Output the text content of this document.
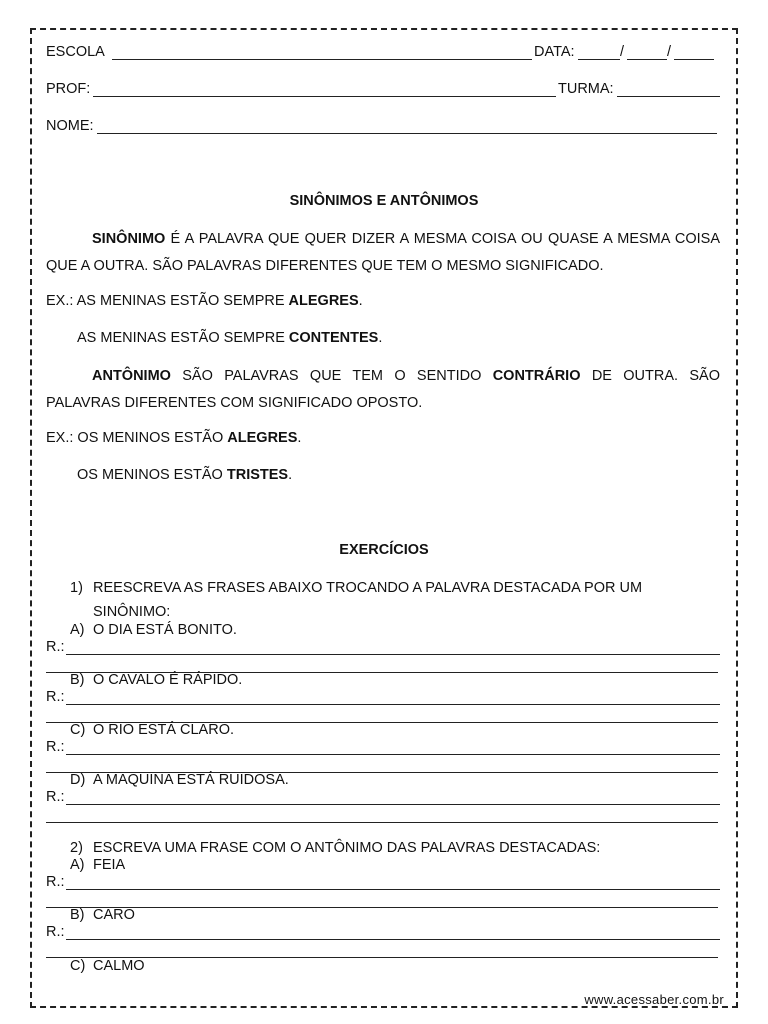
ESCOLA	DATA:	/	/
PROF:	TURMA:
NOME:
SINÔNIMOS E ANTÔNIMOS
SINÔNIMO É A PALAVRA QUE QUER DIZER A MESMA COISA OU QUASE A MESMA COISA QUE A OUTRA. SÃO PALAVRAS DIFERENTES QUE TEM O MESMO SIGNIFICADO.
EX.: AS MENINAS ESTÃO SEMPRE ALEGRES.
AS MENINAS ESTÃO SEMPRE CONTENTES.
ANTÔNIMO SÃO PALAVRAS QUE TEM O SENTIDO CONTRÁRIO DE OUTRA. SÃO PALAVRAS DIFERENTES COM SIGNIFICADO OPOSTO.
EX.: OS MENINOS ESTÃO ALEGRES.
OS MENINOS ESTÃO TRISTES.
EXERCÍCIOS
1) REESCREVA AS FRASES ABAIXO TROCANDO A PALAVRA DESTACADA POR UM
SINÔNIMO:
A) O DIA ESTÁ BONITO.
R.:
B) O CAVALO É RÁPIDO.
R.:
C) O RIO ESTÁ CLARO.
R.:
D) A MAQUINA ESTÁ RUIDOSA.
R.:
2) ESCREVA UMA FRASE COM O ANTÔNIMO DAS PALAVRAS DESTACADAS:
A) FEIA
R.:
B) CARO
R.:
C) CALMO
www.acessaber.com.br
